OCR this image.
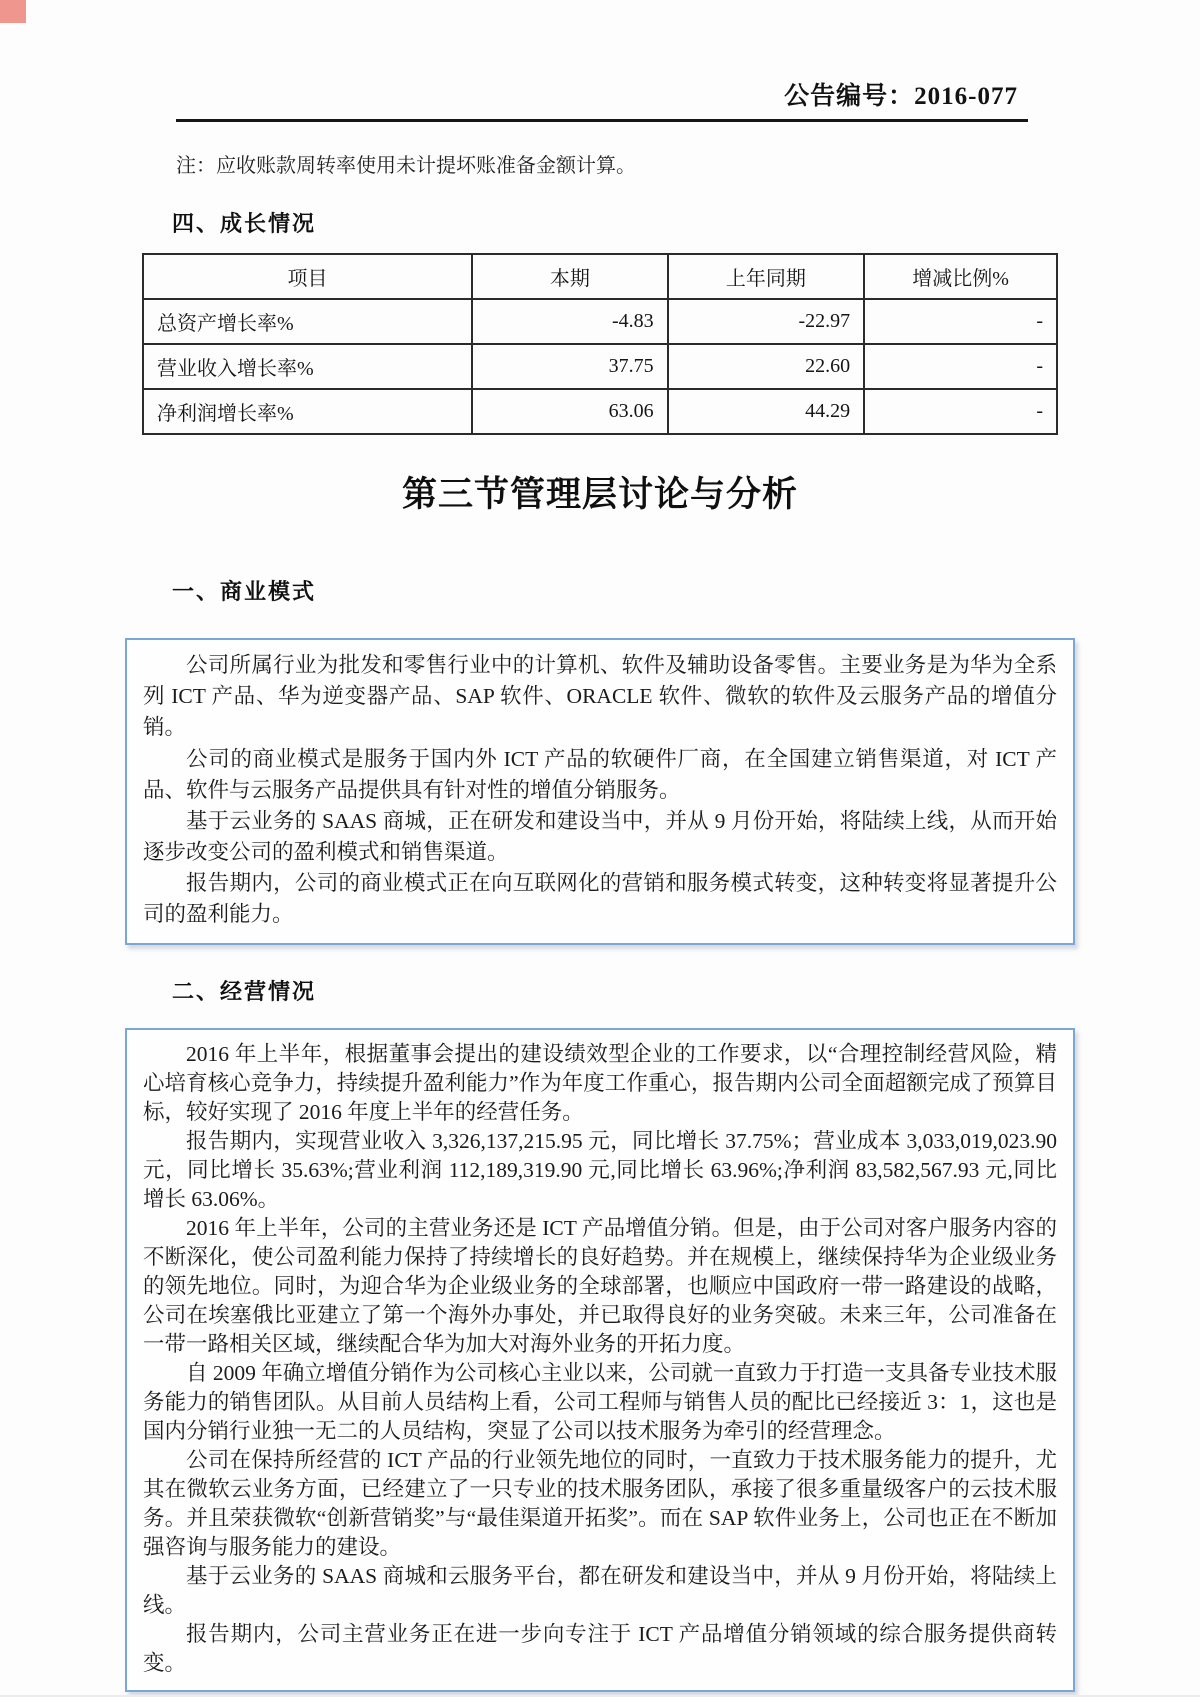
公告编号：2016-077

注：应收账款周转率使用未计提坏账准备金额计算。

四、成长情况
项目	本期	上年同期	增减比例%
总资产增长率%	-4.83	-22.97	-
营业收入增长率%	37.75	22.60	-
净利润增长率%	63.06	44.29	-
第三节管理层讨论与分析
一、商业模式

公司所属行业为批发和零售行业中的计算机、软件及辅助设备零售。主要业务是为华为全系列 ICT 产品、华为逆变器产品、SAP 软件、ORACLE 软件、微软的软件及云服务产品的增值分销。

公司的商业模式是服务于国内外 ICT 产品的软硬件厂商，在全国建立销售渠道，对 ICT 产品、软件与云服务产品提供具有针对性的增值分销服务。

基于云业务的 SAAS 商城，正在研发和建设当中，并从 9 月份开始，将陆续上线，从而开始逐步改变公司的盈利模式和销售渠道。

报告期内，公司的商业模式正在向互联网化的营销和服务模式转变，这种转变将显著提升公司的盈利能力。

二、经营情况

2016 年上半年，根据董事会提出的建设绩效型企业的工作要求，以“合理控制经营风险，精心培育核心竞争力，持续提升盈利能力”作为年度工作重心，报告期内公司全面超额完成了预算目标，较好实现了 2016 年度上半年的经营任务。

报告期内，实现营业收入 3,326,137,215.95 元，同比增长 37.75%；营业成本 3,033,019,023.90 元，同比增长 35.63%;营业利润 112,189,319.90 元,同比增长 63.96%;净利润 83,582,567.93 元,同比增长 63.06%。

2016 年上半年，公司的主营业务还是 ICT 产品增值分销。但是，由于公司对客户服务内容的不断深化，使公司盈利能力保持了持续增长的良好趋势。并在规模上，继续保持华为企业级业务的领先地位。同时，为迎合华为企业级业务的全球部署，也顺应中国政府一带一路建设的战略，公司在埃塞俄比亚建立了第一个海外办事处，并已取得良好的业务突破。未来三年，公司准备在一带一路相关区域，继续配合华为加大对海外业务的开拓力度。

自 2009 年确立增值分销作为公司核心主业以来，公司就一直致力于打造一支具备专业技术服务能力的销售团队。从目前人员结构上看，公司工程师与销售人员的配比已经接近 3：1，这也是国内分销行业独一无二的人员结构，突显了公司以技术服务为牵引的经营理念。

公司在保持所经营的 ICT 产品的行业领先地位的同时，一直致力于技术服务能力的提升，尤其在微软云业务方面，已经建立了一只专业的技术服务团队，承接了很多重量级客户的云技术服务。并且荣获微软“创新营销奖”与“最佳渠道开拓奖”。而在 SAP 软件业务上，公司也正在不断加强咨询与服务能力的建设。

基于云业务的 SAAS 商城和云服务平台，都在研发和建设当中，并从 9 月份开始，将陆续上线。

报告期内，公司主营业务正在进一步向专注于 ICT 产品增值分销领域的综合服务提供商转变。
